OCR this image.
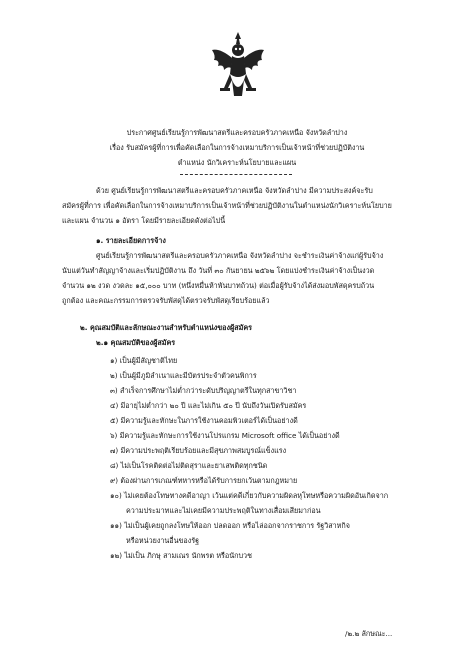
ประกาศศูนย์เรียนรู้การพัฒนาสตรีและครอบครัวภาคเหนือ จังหวัดลำปาง
เรื่อง รับสมัครผู้ที่การเพื่อคัดเลือกในการจ้างเหมาบริการเป็นเจ้าหน้าที่ช่วยปฏิบัติงาน
ตำแหน่ง นักวิเคราะห์นโยบายและแผน
ด้วย ศูนย์เรียนรู้การพัฒนาสตรีและครอบครัวภาคเหนือ จังหวัดลำปาง มีความประสงค์จะรับ
สมัครผู้ที่การ เพื่อคัดเลือกในการจ้างเหมาบริการเป็นเจ้าหน้าที่ช่วยปฏิบัติงานในตำแหน่งนักวิเคราะห์นโยบาย
และแผน จำนวน ๑ อัตรา โดยมีรายละเอียดดังต่อไปนี้
๑. รายละเอียดการจ้าง
ศูนย์เรียนรู้การพัฒนาสตรีและครอบครัวภาคเหนือ จังหวัดลำปาง จะชำระเงินค่าจ้างแก่ผู้รับจ้าง
นับแต่วันทำสัญญาจ้างและเริ่มปฏิบัติงาน ถึง วันที่ ๓๐ กันยายน ๒๕๖๒ โดยแบ่งชำระเงินค่าจ้างเป็นงวด
จำนวน ๑๒ งวด งวดละ ๑๕,๐๐๐ บาท (หนึ่งหมื่นห้าพันบาทถ้วน) ต่อเมื่อผู้รับจ้างได้ส่งมอบพัสดุครบถ้วน
ถูกต้อง และคณะกรรมการตรวจรับพัสดุได้ตรวจรับพัสดุเรียบร้อยแล้ว
๒. คุณสมบัติและลักษณะงานสำหรับตำแหน่งของผู้สมัคร
๒.๑ คุณสมบัติของผู้สมัคร
๑) เป็นผู้มีสัญชาติไทย
๒) เป็นผู้มีภูมิลำเนาและมีบัตรประจำตัวคนพิการ
๓) สำเร็จการศึกษาไม่ต่ำกว่าระดับปริญญาตรีในทุกสาขาวิชา
๔) มีอายุไม่ต่ำกว่า ๒๐ ปี และไม่เกิน ๕๐ ปี นับถึงวันเปิดรับสมัคร
๕) มีความรู้และทักษะในการใช้งานคอมพิวเตอร์ได้เป็นอย่างดี
๖) มีความรู้และทักษะการใช้งานโปรแกรม Microsoft office ได้เป็นอย่างดี
๗) มีความประพฤติเรียบร้อยและมีสุขภาพสมบูรณ์แข็งแรง
๘) ไม่เป็นโรคติดต่อไม่ติดสุราและยาเสพติดทุกชนิด
๙) ต้องผ่านการเกณฑ์ทหารหรือได้รับการยกเว้นตามกฎหมาย
๑๐) ไม่เคยต้องโทษทางคดีอาญา เว้นแต่คดีเกี่ยวกับความผิดลหุโทษหรือความผิดอันเกิดจาก
ความประมาทและไม่เคยมีความประพฤติในทางเสื่อมเสียมาก่อน
๑๑) ไม่เป็นผู้เคยถูกลงโทษให้ออก ปลดออก หรือไล่ออกจากราชการ รัฐวิสาหกิจ
หรือหน่วยงานอื่นของรัฐ
๑๒) ไม่เป็น ภิกษุ สามเณร นักพรต หรือนักบวช
/๒.๒ ลักษณะ...
